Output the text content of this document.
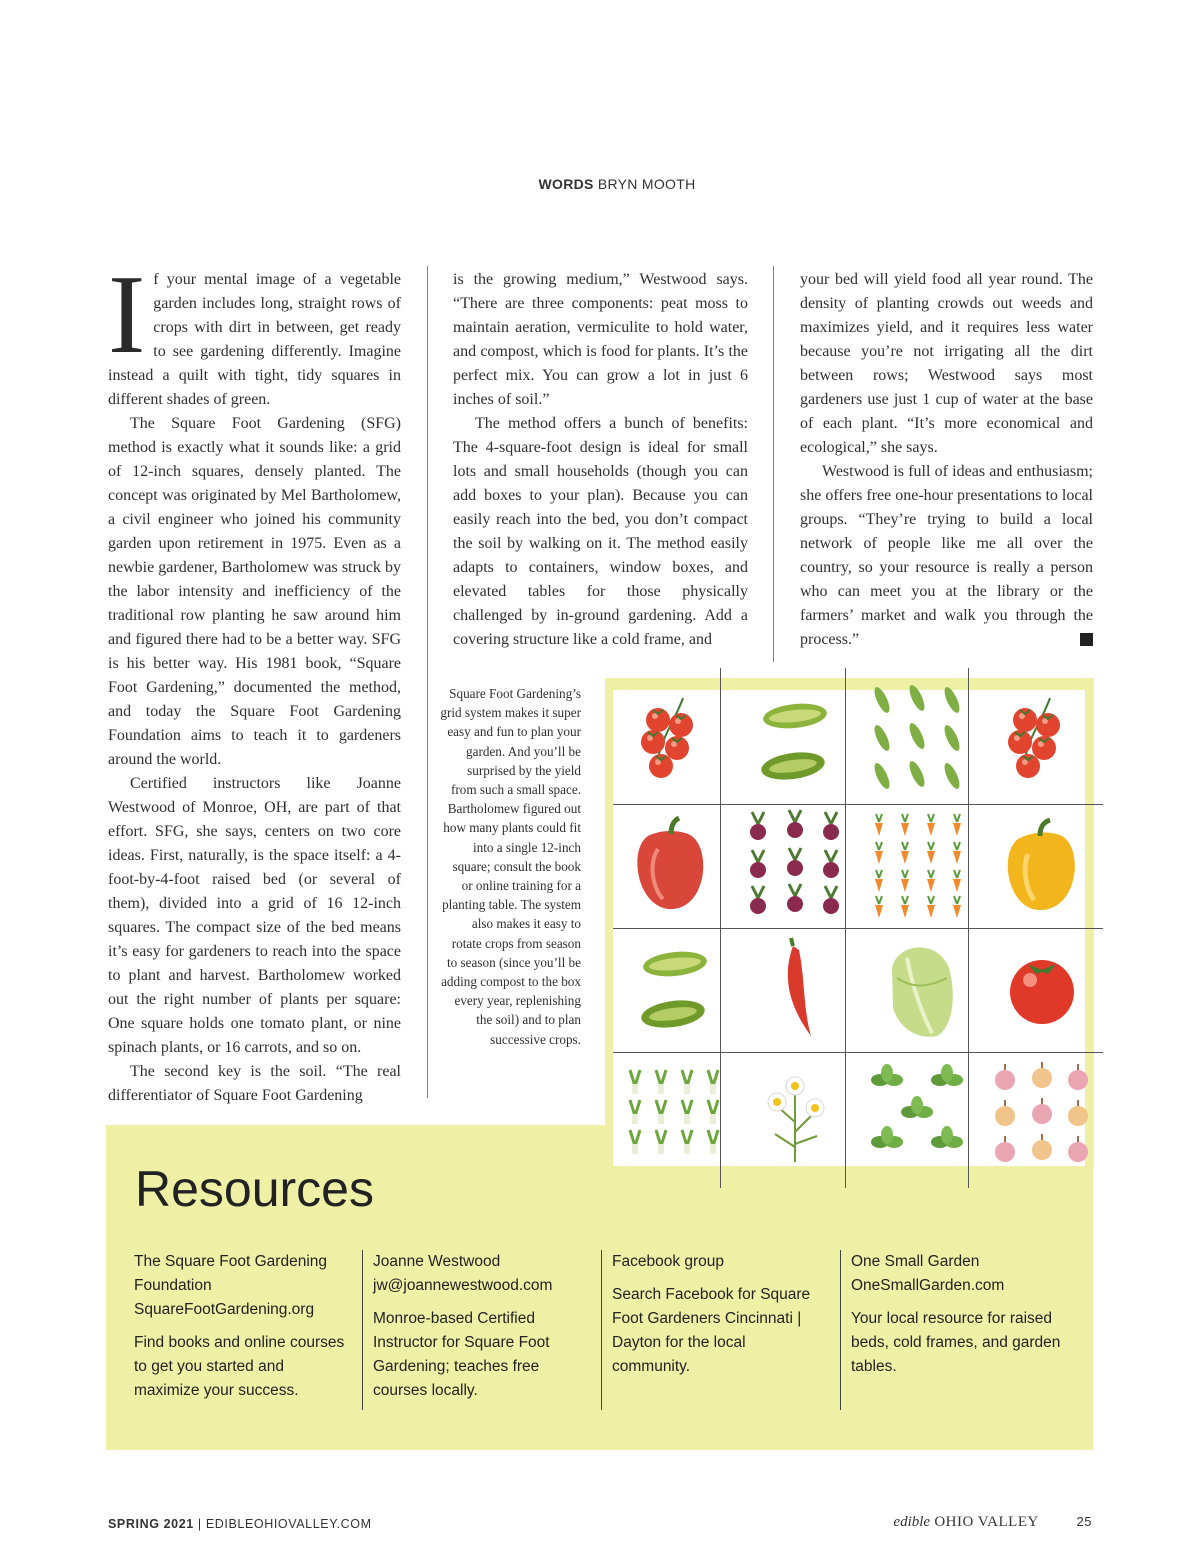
WORDS BRYN MOOTH

If your mental image of a vegetable garden includes long, straight rows of crops with dirt in between, get ready to see gardening differently. Imagine instead a quilt with tight, tidy squares in different shades of green.

The Square Foot Gardening (SFG) method is exactly what it sounds like: a grid of 12-inch squares, densely planted. The concept was originated by Mel Bartholomew, a civil engineer who joined his community garden upon retirement in 1975. Even as a newbie gardener, Bartholomew was struck by the labor intensity and inefficiency of the traditional row planting he saw around him and figured there had to be a better way. SFG is his better way. His 1981 book, “Square Foot Gardening,” documented the method, and today the Square Foot Gardening Foundation aims to teach it to gardeners around the world.

Certified instructors like Joanne Westwood of Monroe, OH, are part of that effort. SFG, she says, centers on two core ideas. First, naturally, is the space itself: a 4-foot-by-4-foot raised bed (or several of them), divided into a grid of 16 12-inch squares. The compact size of the bed means it’s easy for gardeners to reach into the space to plant and harvest. Bartholomew worked out the right number of plants per square: One square holds one tomato plant, or nine spinach plants, or 16 carrots, and so on.

The second key is the soil. “The real differentiator of Square Foot Gardening

is the growing medium,” Westwood says. “There are three components: peat moss to maintain aeration, vermiculite to hold water, and compost, which is food for plants. It’s the perfect mix. You can grow a lot in just 6 inches of soil.”

The method offers a bunch of benefits: The 4-square-foot design is ideal for small lots and small households (though you can add boxes to your plan). Because you can easily reach into the bed, you don’t compact the soil by walking on it. The method easily adapts to containers, window boxes, and elevated tables for those physically challenged by in-ground gardening. Add a covering structure like a cold frame, and

your bed will yield food all year round. The density of planting crowds out weeds and maximizes yield, and it requires less water because you’re not irrigating all the dirt between rows; Westwood says most gardeners use just 1 cup of water at the base of each plant. “It’s more economical and ecological,” she says.

Westwood is full of ideas and enthusiasm; she offers free one-hour presentations to local groups. “They’re trying to build a local network of people like me all over the country, so your resource is really a person who can meet you at the library or the farmers’ market and walk you through the process.”

Square Foot Gardening’s grid system makes it super easy and fun to plan your garden. And you’ll be surprised by the yield from such a small space. Bartholomew figured out how many plants could fit into a single 12-inch square; consult the book or online training for a planting table. The system also makes it easy to rotate crops from season to season (since you’ll be adding compost to the box every year, replenishing the soil) and to plan successive crops.
Resources
The Square Foot Gardening Foundation
SquareFootGardening.org
Find books and online courses to get you started and maximize your success.
Joanne Westwood
jw@joannewestwood.com
Monroe-based Certified Instructor for Square Foot Gardening; teaches free courses locally.
Facebook group
Search Facebook for Square Foot Gardeners Cincinnati | Dayton for the local community.
One Small Garden
OneSmallGarden.com
Your local resource for raised beds, cold frames, and garden tables.
SPRING 2021 | EDIBLEOHIOVALLEY.COM	edible OHIO VALLEY	25
